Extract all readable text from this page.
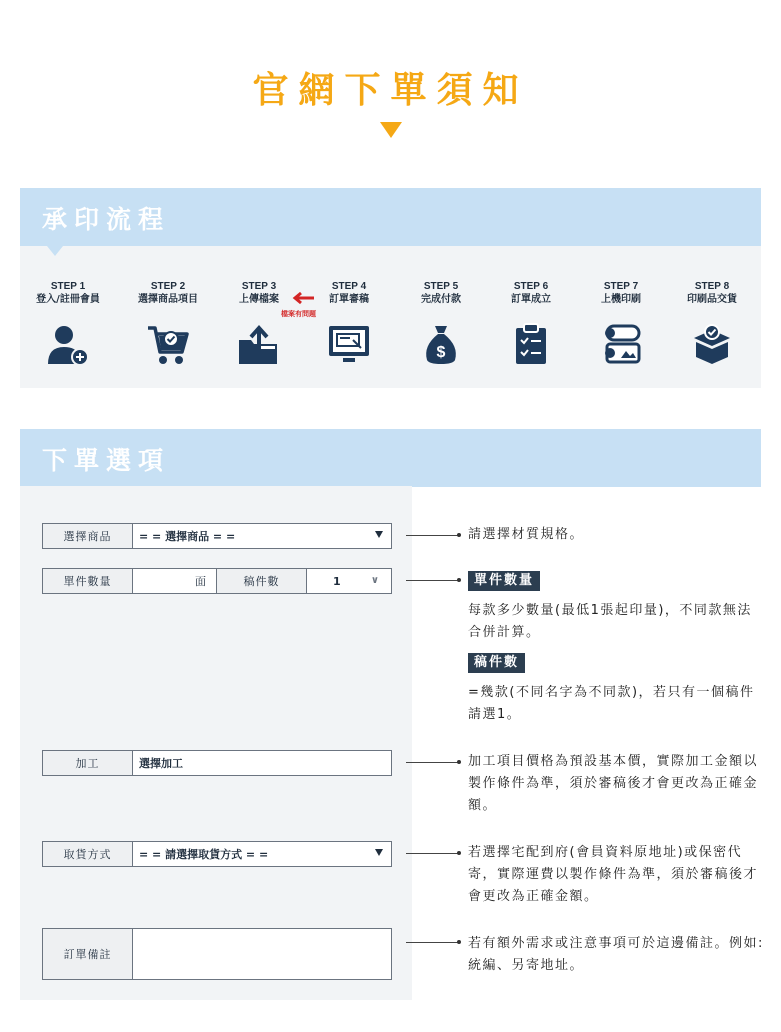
官網下單須知
承印流程
STEP 1
登入/註冊會員
STEP 2
選擇商品項目
STEP 3
上傳檔案
STEP 4
訂單審稿
STEP 5
完成付款
$
STEP 6
訂單成立
STEP 7
上機印刷
STEP 8
印刷品交貨
檔案有問題
下單選項
選擇商品	= = 選擇商品 = =
單件數量	面	稿件數	1	∨
加工	選擇加工
取貨方式	= = 請選擇取貨方式 = =
訂單備註
請選擇材質規格。
單件數量
每款多少數量(最低1張起印量)，不同款無法合併計算。
稿件數
=幾款(不同名字為不同款)，若只有一個稿件請選1。
加工項目價格為預設基本價，實際加工金額以製作條件為準，須於審稿後才會更改為正確金額。
若選擇宅配到府(會員資料原地址)或保密代寄，實際運費以製作條件為準，須於審稿後才會更改為正確金額。
若有額外需求或注意事項可於這邊備註。例如:統編、另寄地址。
